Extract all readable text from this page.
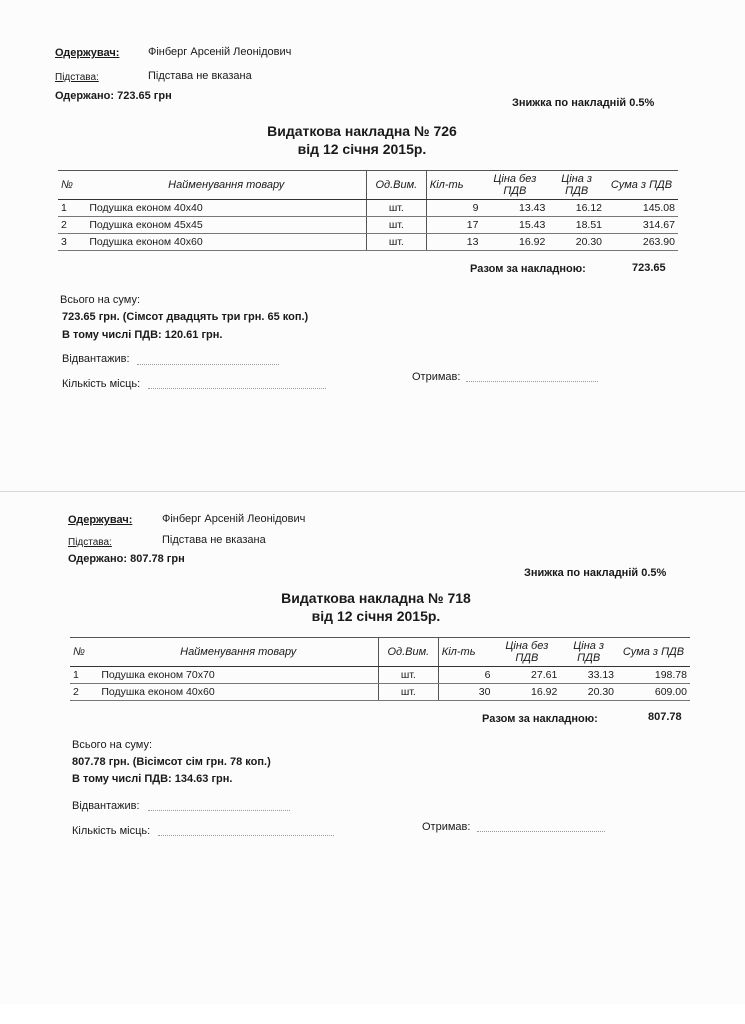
Одержувач:	Фінберг Арсеній Леонідович
Підстава:	Підстава не вказана
Одержано: 723.65 грн
Знижка по накладній 0.5%
Видаткова накладна № 726
від 12 січня 2015р.
№	Найменування товару	Од.Вим.	Кіл-ть	Ціна без ПДВ	Ціна з ПДВ	Сума з ПДВ
1	Подушка економ 40х40	шт.	9	13.43	16.12	145.08
2	Подушка економ 45х45	шт.	17	15.43	18.51	314.67
3	Подушка економ 40х60	шт.	13	16.92	20.30	263.90
Разом за накладною:	723.65
Всього на суму:
723.65 грн. (Сімсот двадцять три грн. 65 коп.)
В тому числі ПДВ: 120.61 грн.
Відвантажив:
Кількість місць:
Отримав:
Одержувач:	Фінберг Арсеній Леонідович
Підстава:	Підстава не вказана
Одержано: 807.78 грн
Знижка по накладній 0.5%
Видаткова накладна № 718
від 12 січня 2015р.
№	Найменування товару	Од.Вим.	Кіл-ть	Ціна без ПДВ	Ціна з ПДВ	Сума з ПДВ
1	Подушка економ 70х70	шт.	6	27.61	33.13	198.78
2	Подушка економ 40х60	шт.	30	16.92	20.30	609.00
Разом за накладною:	807.78
Всього на суму:
807.78 грн. (Вісімсот сім грн. 78 коп.)
В тому числі ПДВ: 134.63 грн.
Відвантажив:
Кількість місць:	Отримав:
